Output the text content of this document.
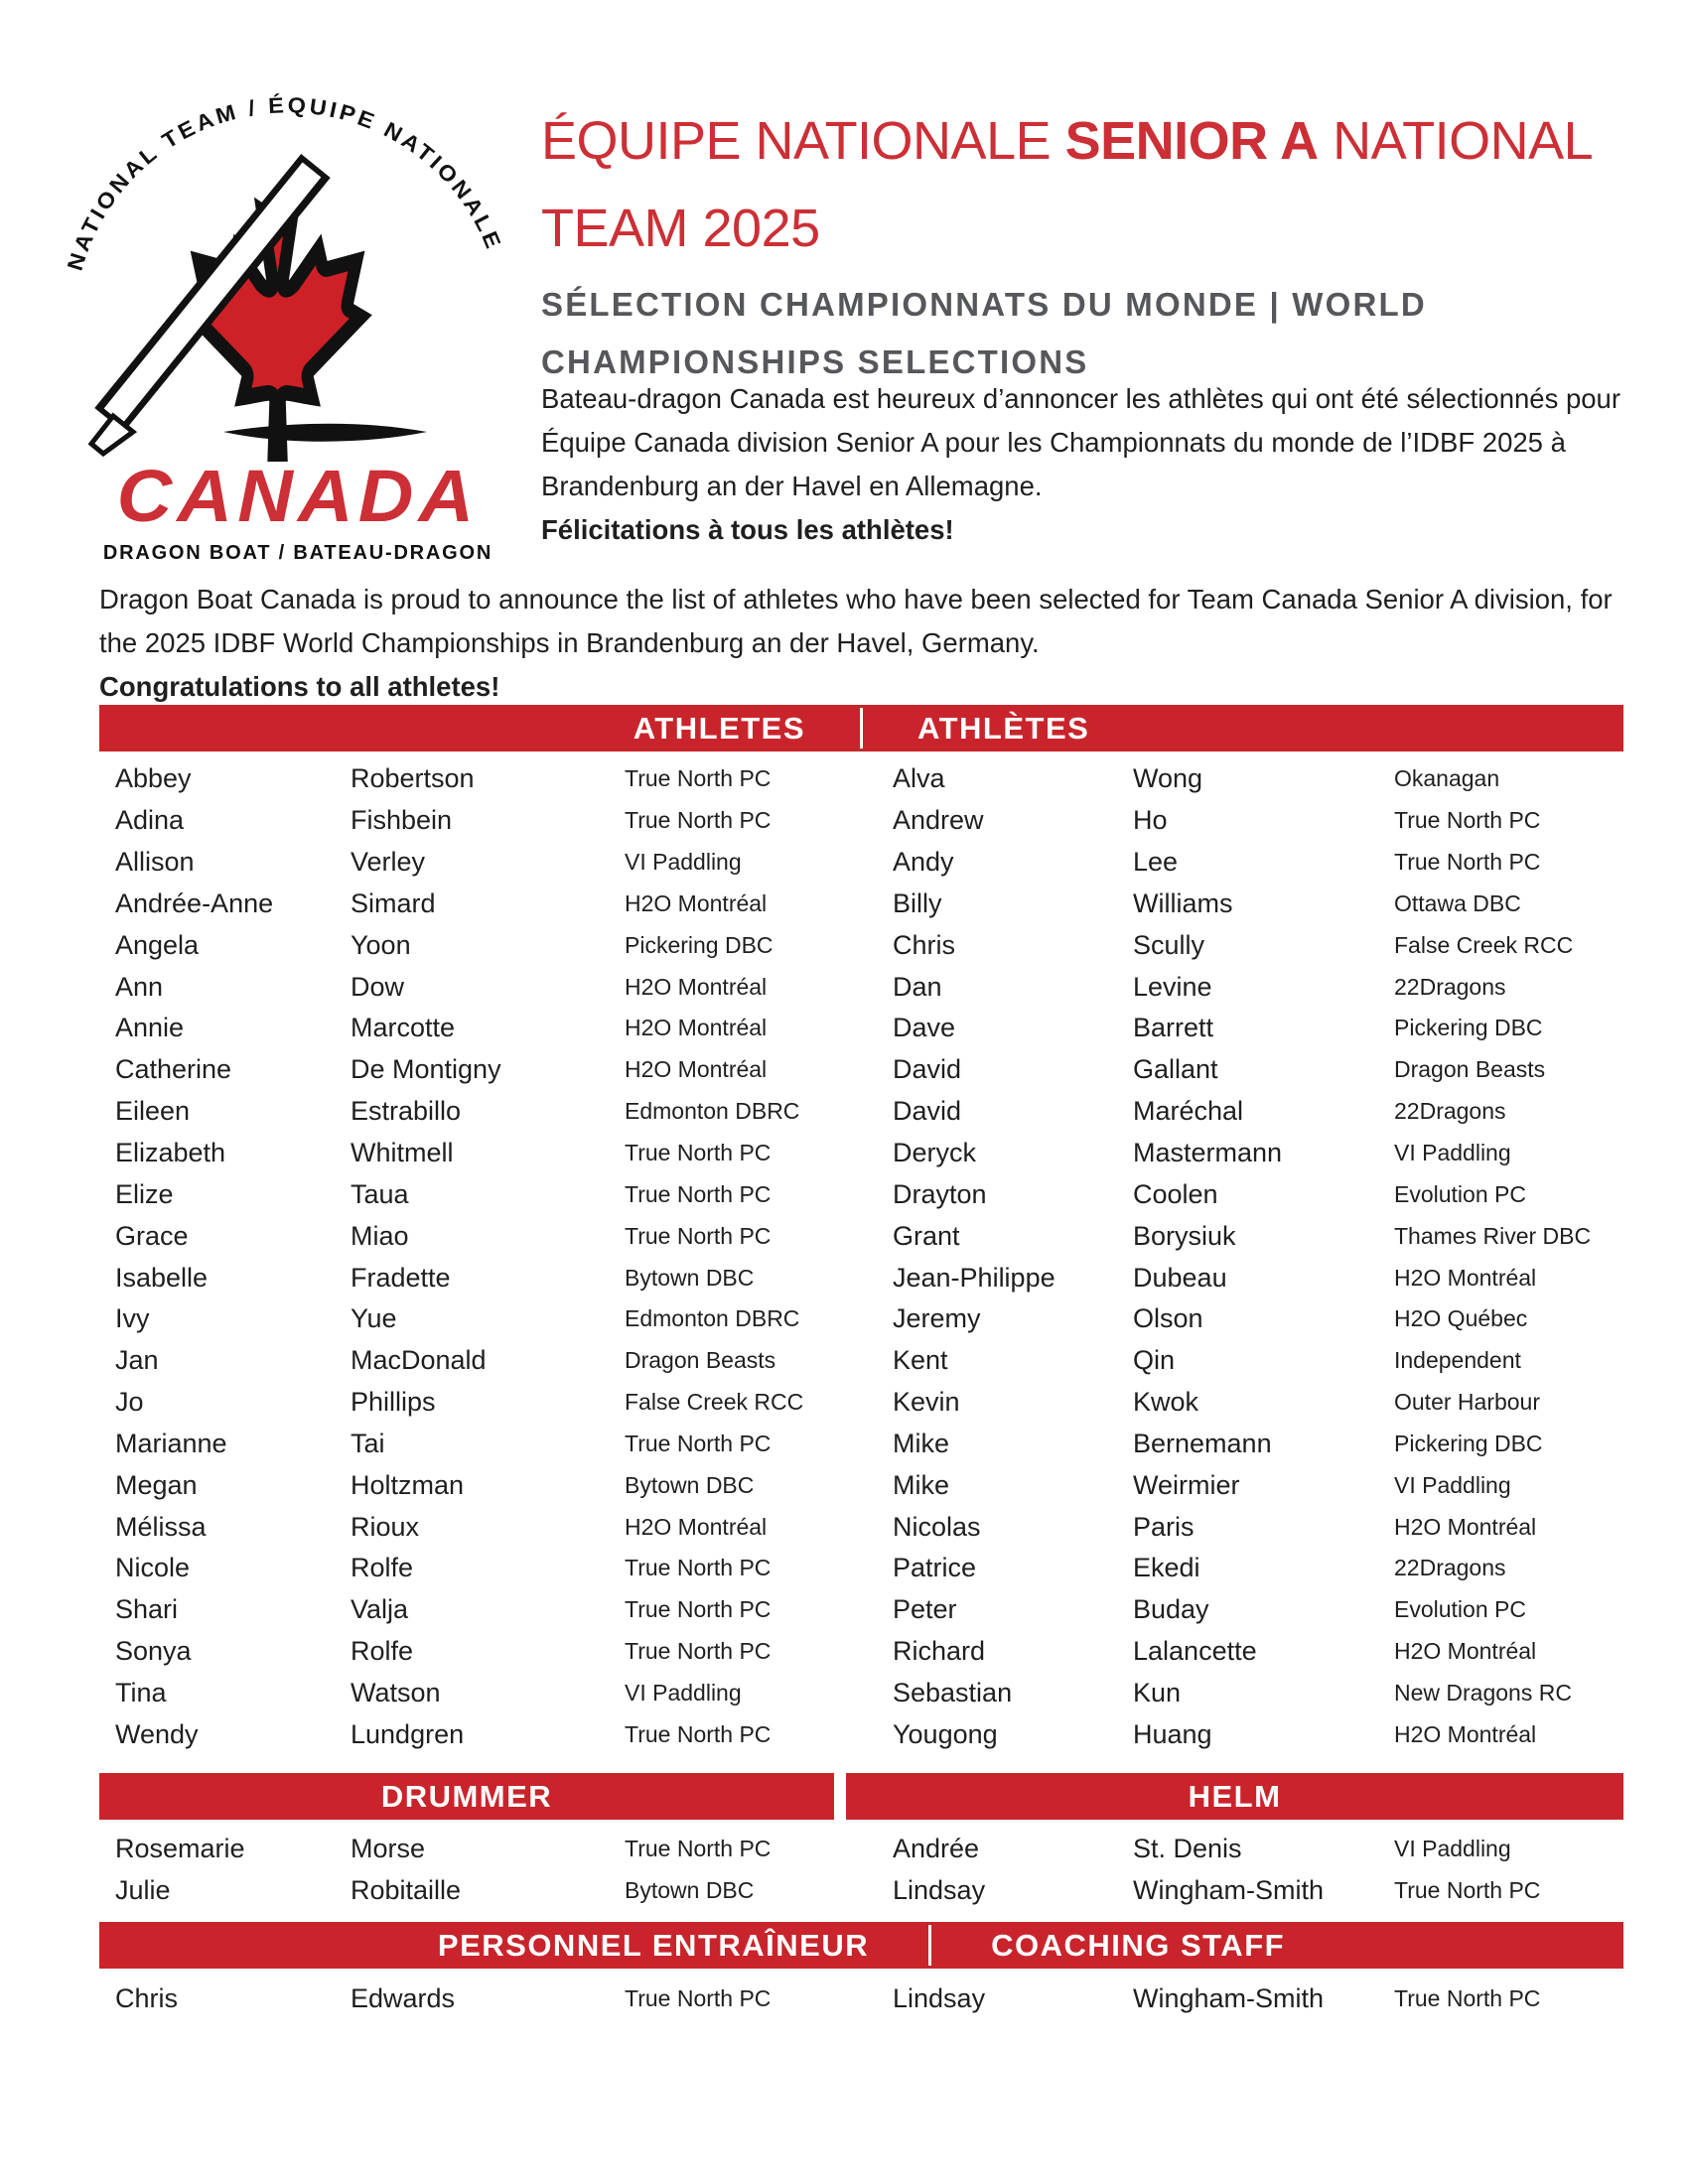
NATIONAL TEAM / ÉQUIPE NATIONALE
CANADA
DRAGON BOAT / BATEAU-DRAGON
ÉQUIPE NATIONALE SENIOR A NATIONAL
TEAM 2025
SÉLECTION CHAMPIONNATS DU MONDE | WORLD
CHAMPIONSHIPS SELECTIONS
Bateau-dragon Canada est heureux d’annoncer les athlètes qui ont été sélectionnés pour Équipe Canada division Senior A pour les Championnats du monde de l’IDBF 2025 à Brandenburg an der Havel en Allemagne.
Félicitations à tous les athlètes!
Dragon Boat Canada is proud to announce the list of athletes who have been selected for Team Canada Senior A division, for the 2025 IDBF World Championships in Brandenburg an der Havel, Germany.
Congratulations to all athletes!
ATHLETES	ATHLÈTES
Abbey	Robertson	True North PC	Alva	Wong	Okanagan
Adina	Fishbein	True North PC	Andrew	Ho	True North PC
Allison	Verley	VI Paddling	Andy	Lee	True North PC
Andrée-Anne	Simard	H2O Montréal	Billy	Williams	Ottawa DBC
Angela	Yoon	Pickering DBC	Chris	Scully	False Creek RCC
Ann	Dow	H2O Montréal	Dan	Levine	22Dragons
Annie	Marcotte	H2O Montréal	Dave	Barrett	Pickering DBC
Catherine	De Montigny	H2O Montréal	David	Gallant	Dragon Beasts
Eileen	Estrabillo	Edmonton DBRC	David	Maréchal	22Dragons
Elizabeth	Whitmell	True North PC	Deryck	Mastermann	VI Paddling
Elize	Taua	True North PC	Drayton	Coolen	Evolution PC
Grace	Miao	True North PC	Grant	Borysiuk	Thames River DBC
Isabelle	Fradette	Bytown DBC	Jean-Philippe	Dubeau	H2O Montréal
Ivy	Yue	Edmonton DBRC	Jeremy	Olson	H2O Québec
Jan	MacDonald	Dragon Beasts	Kent	Qin	Independent
Jo	Phillips	False Creek RCC	Kevin	Kwok	Outer Harbour
Marianne	Tai	True North PC	Mike	Bernemann	Pickering DBC
Megan	Holtzman	Bytown DBC	Mike	Weirmier	VI Paddling
Mélissa	Rioux	H2O Montréal	Nicolas	Paris	H2O Montréal
Nicole	Rolfe	True North PC	Patrice	Ekedi	22Dragons
Shari	Valja	True North PC	Peter	Buday	Evolution PC
Sonya	Rolfe	True North PC	Richard	Lalancette	H2O Montréal
Tina	Watson	VI Paddling	Sebastian	Kun	New Dragons RC
Wendy	Lundgren	True North PC	Yougong	Huang	H2O Montréal
DRUMMER	HELM
Rosemarie	Morse	True North PC	Andrée	St. Denis	VI Paddling
Julie	Robitaille	Bytown DBC	Lindsay	Wingham-Smith	True North PC
PERSONNEL ENTRAÎNEUR	COACHING STAFF
Chris	Edwards	True North PC	Lindsay	Wingham-Smith	True North PC
